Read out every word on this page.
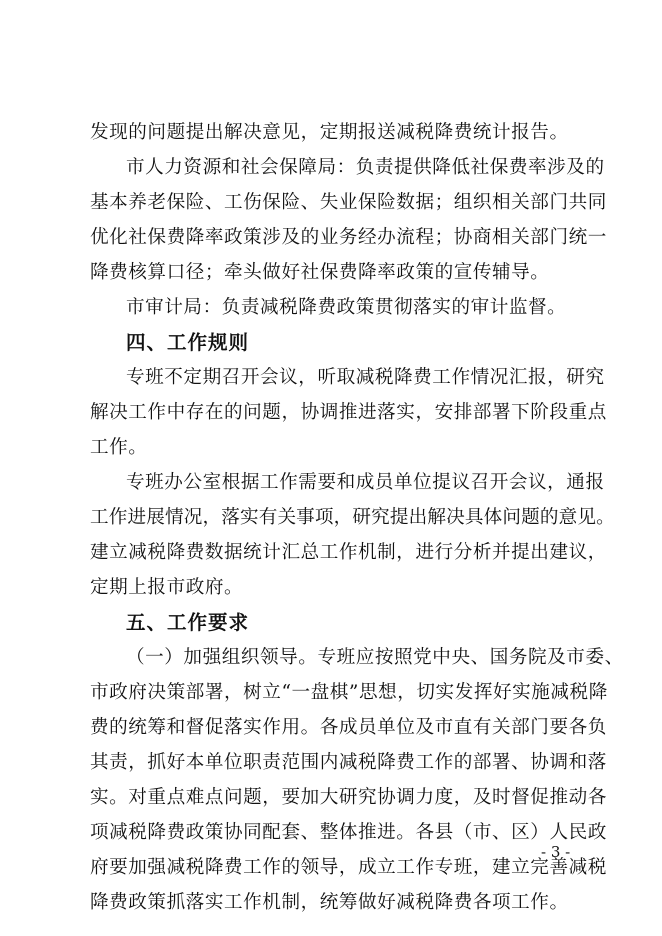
发现的问题提出解决意见，定期报送减税降费统计报告。
市人力资源和社会保障局：负责提供降低社保费率涉及的
基本养老保险、工伤保险、失业保险数据；组织相关部门共同
优化社保费降率政策涉及的业务经办流程；协商相关部门统一
降费核算口径；牵头做好社保费降率政策的宣传辅导。
市审计局：负责减税降费政策贯彻落实的审计监督。
四、工作规则
专班不定期召开会议，听取减税降费工作情况汇报，研究
解决工作中存在的问题，协调推进落实，安排部署下阶段重点
工作。
专班办公室根据工作需要和成员单位提议召开会议，通报
工作进展情况，落实有关事项，研究提出解决具体问题的意见。
建立减税降费数据统计汇总工作机制，进行分析并提出建议，
定期上报市政府。
五、工作要求
（一）加强组织领导。专班应按照党中央、国务院及市委、
市政府决策部署，树立“一盘棋”思想，切实发挥好实施减税降
费的统筹和督促落实作用。各成员单位及市直有关部门要各负
其责，抓好本单位职责范围内减税降费工作的部署、协调和落
实。对重点难点问题，要加大研究协调力度，及时督促推动各
项减税降费政策协同配套、整体推进。各县（市、区）人民政
府要加强减税降费工作的领导，成立工作专班，建立完善减税
降费政策抓落实工作机制，统筹做好减税降费各项工作。
- 3 -
